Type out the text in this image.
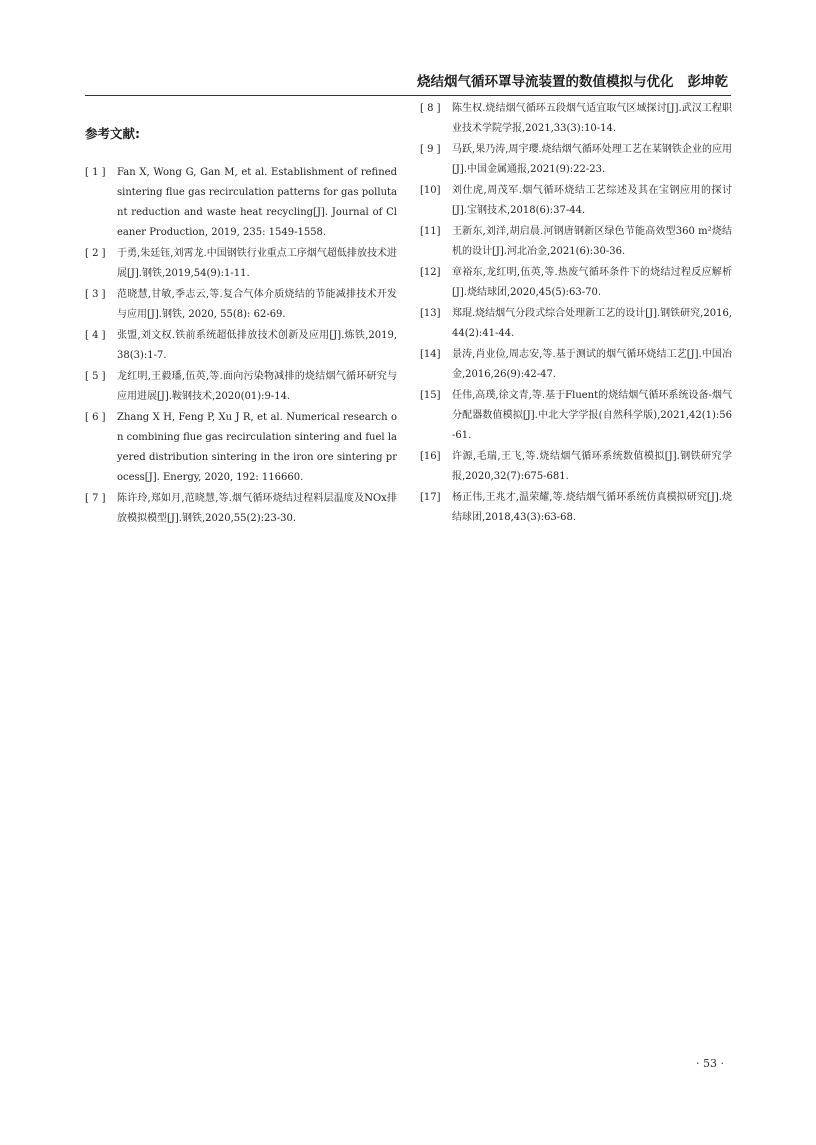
烧结烟气循环罩导流装置的数值模拟与优化 彭坤乾
参考文献:
[ 1 ]	Fan X, Wong G, Gan M, et al. Establishment of refined sintering flue gas recirculation patterns for gas pollutant reduction and waste heat recycling[J]. Journal of Cleaner Production, 2019, 235: 1549-1558.
[ 2 ]	于勇,朱廷钰,刘霄龙.中国钢铁行业重点工序烟气超低排放技术进展[J].钢铁,2019,54(9):1-11.
[ 3 ]	范晓慧,甘敏,季志云,等.复合气体介质烧结的节能减排技术开发与应用[J].钢铁, 2020, 55(8): 62-69.
[ 4 ]	张盟,刘文权.铁前系统超低排放技术创新及应用[J].炼铁,2019, 38(3):1-7.
[ 5 ]	龙红明,王毅璠,伍英,等.面向污染物减排的烧结烟气循环研究与应用进展[J].鞍钢技术,2020(01):9-14.
[ 6 ]	Zhang X H, Feng P, Xu J R, et al. Numerical research on combining flue gas recirculation sintering and fuel layered distribution sintering in the iron ore sintering process[J]. Energy, 2020, 192: 116660.
[ 7 ]	陈许玲,郑如月,范晓慧,等.烟气循环烧结过程料层温度及NOx排放模拟模型[J].钢铁,2020,55(2):23-30.
[ 8 ]	陈生权.烧结烟气循环五段烟气适宜取气区域探讨[J].武汉工程职业技术学院学报,2021,33(3):10-14.
[ 9 ]	马跃,果乃涛,周宇璎.烧结烟气循环处理工艺在某钢铁企业的应用[J].中国金属通报,2021(9):22-23.
[10]	刘仕虎,周茂军.烟气循环烧结工艺综述及其在宝钢应用的探讨[J].宝钢技术,2018(6):37-44.
[11]	王新东,刘洋,胡启晨.河钢唐钢新区绿色节能高效型360 m²烧结机的设计[J].河北冶金,2021(6):30-36.
[12]	章裕东,龙红明,伍英,等.热废气循环条件下的烧结过程反应解析[J].烧结球团,2020,45(5):63-70.
[13]	郑琨.烧结烟气分段式综合处理新工艺的设计[J].钢铁研究,2016,44(2):41-44.
[14]	景涛,肖业俭,周志安,等.基于测试的烟气循环烧结工艺[J].中国冶金,2016,26(9):42-47.
[15]	任伟,高璞,徐文青,等.基于Fluent的烧结烟气循环系统设备-烟气分配器数值模拟[J].中北大学学报(自然科学版),2021,42(1):56-61.
[16]	许源,毛瑞,王飞,等.烧结烟气循环系统数值模拟[J].钢铁研究学报,2020,32(7):675-681.
[17]	杨正伟,王兆才,温荣耀,等.烧结烟气循环系统仿真模拟研究[J].烧结球团,2018,43(3):63-68.
· 53 ·
